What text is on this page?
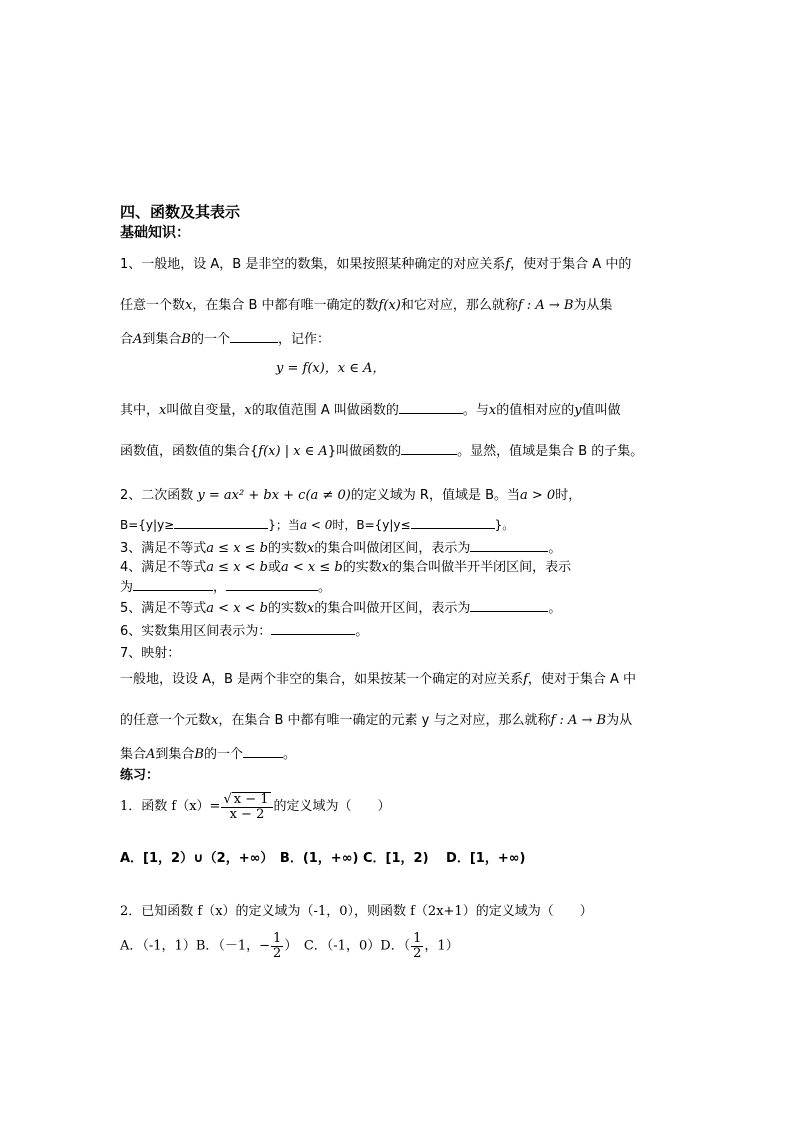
四、函数及其表示
基础知识：
1、一般地，设 A，B 是非空的数集，如果按照某种确定的对应关系f，使对于集合 A 中的
任意一个数x，在集合 B 中都有唯一确定的数f(x)和它对应，那么就称f : A → B为从集
合A到集合B的一个	，记作：
y = f(x)，x ∈ A，
其中，x叫做自变量，x的取值范围 A 叫做函数的	。与x的值相对应的y值叫做
函数值，函数值的集合{f(x) | x ∈ A}叫做函数的	。显然，值域是集合 B 的子集。
2、二次函数 y = ax² + bx + c(a ≠ 0)的定义域为 R，值域是 B。当a > 0时，
B={y|y≥	}；当a < 0时，B={y|y≤	}。
3、满足不等式a ≤ x ≤ b的实数x的集合叫做闭区间，表示为	。
4、满足不等式a ≤ x < b或a < x ≤ b的实数x的集合叫做半开半闭区间，表示
为	，	。
5、满足不等式a < x < b的实数x的集合叫做开区间，表示为	。
6、实数集用区间表示为：	。
7、映射：
一般地，设设 A，B 是两个非空的集合，如果按某一个确定的对应关系f，使对于集合 A 中
的任意一个元数x，在集合 B 中都有唯一确定的元素 y 与之对应，那么就称f : A → B为从
集合A到集合B的一个	。
练习：
1．函数 $f(x)= \frac{√ x - 1}{x - 2}$ 的定义域为（　　）
A．[1，2）∪（2，+∞）　B．(1，+∞) C．[1，2)　 D．[1，+∞)
2．已知函数 f（x）的定义域为（-1，0），则函数 f（2x+1）的定义域为（　　）
A．（-1，1）B．（－1，− $\frac{1}{2}$ ）　C．（-1，0）D．（ $\frac{1}{2}$ ，1）
